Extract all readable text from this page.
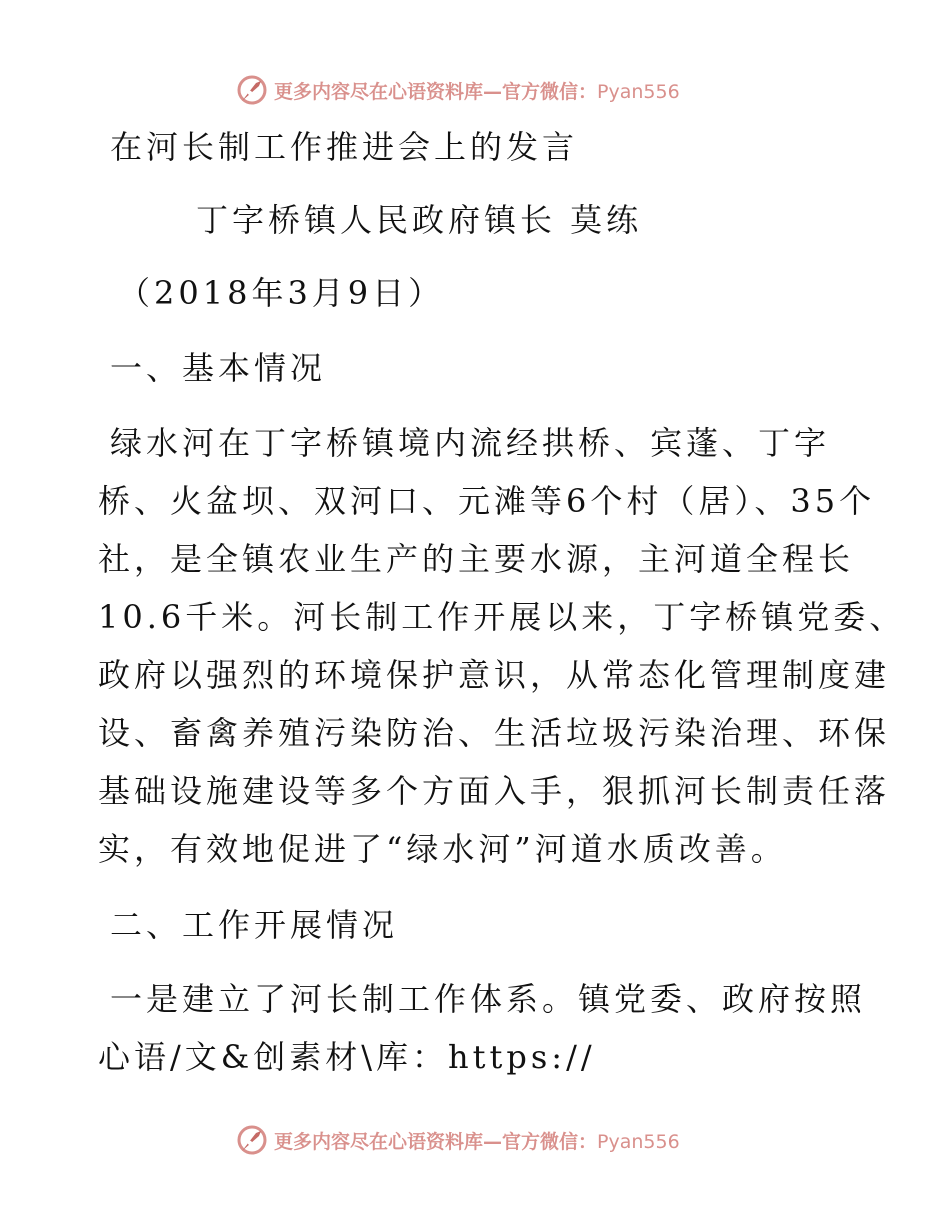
更多内容尽在心语资料库—官方微信：Pyan556
在河长制工作推进会上的发言
丁字桥镇人民政府镇长 莫练
（2018年3月9日）
一、基本情况
绿水河在丁字桥镇境内流经拱桥、宾蓬、丁字
桥、火盆坝、双河口、元滩等6个村（居）、35个
社，是全镇农业生产的主要水源，主河道全程长
10.6千米。河长制工作开展以来，丁字桥镇党委、
政府以强烈的环境保护意识，从常态化管理制度建
设、畜禽养殖污染防治、生活垃圾污染治理、环保
基础设施建设等多个方面入手，狠抓河长制责任落
实，有效地促进了“绿水河”河道水质改善。
二、工作开展情况
一是建立了河长制工作体系。镇党委、政府按照
心语/文&创素材\库：https://
更多内容尽在心语资料库—官方微信：Pyan556
